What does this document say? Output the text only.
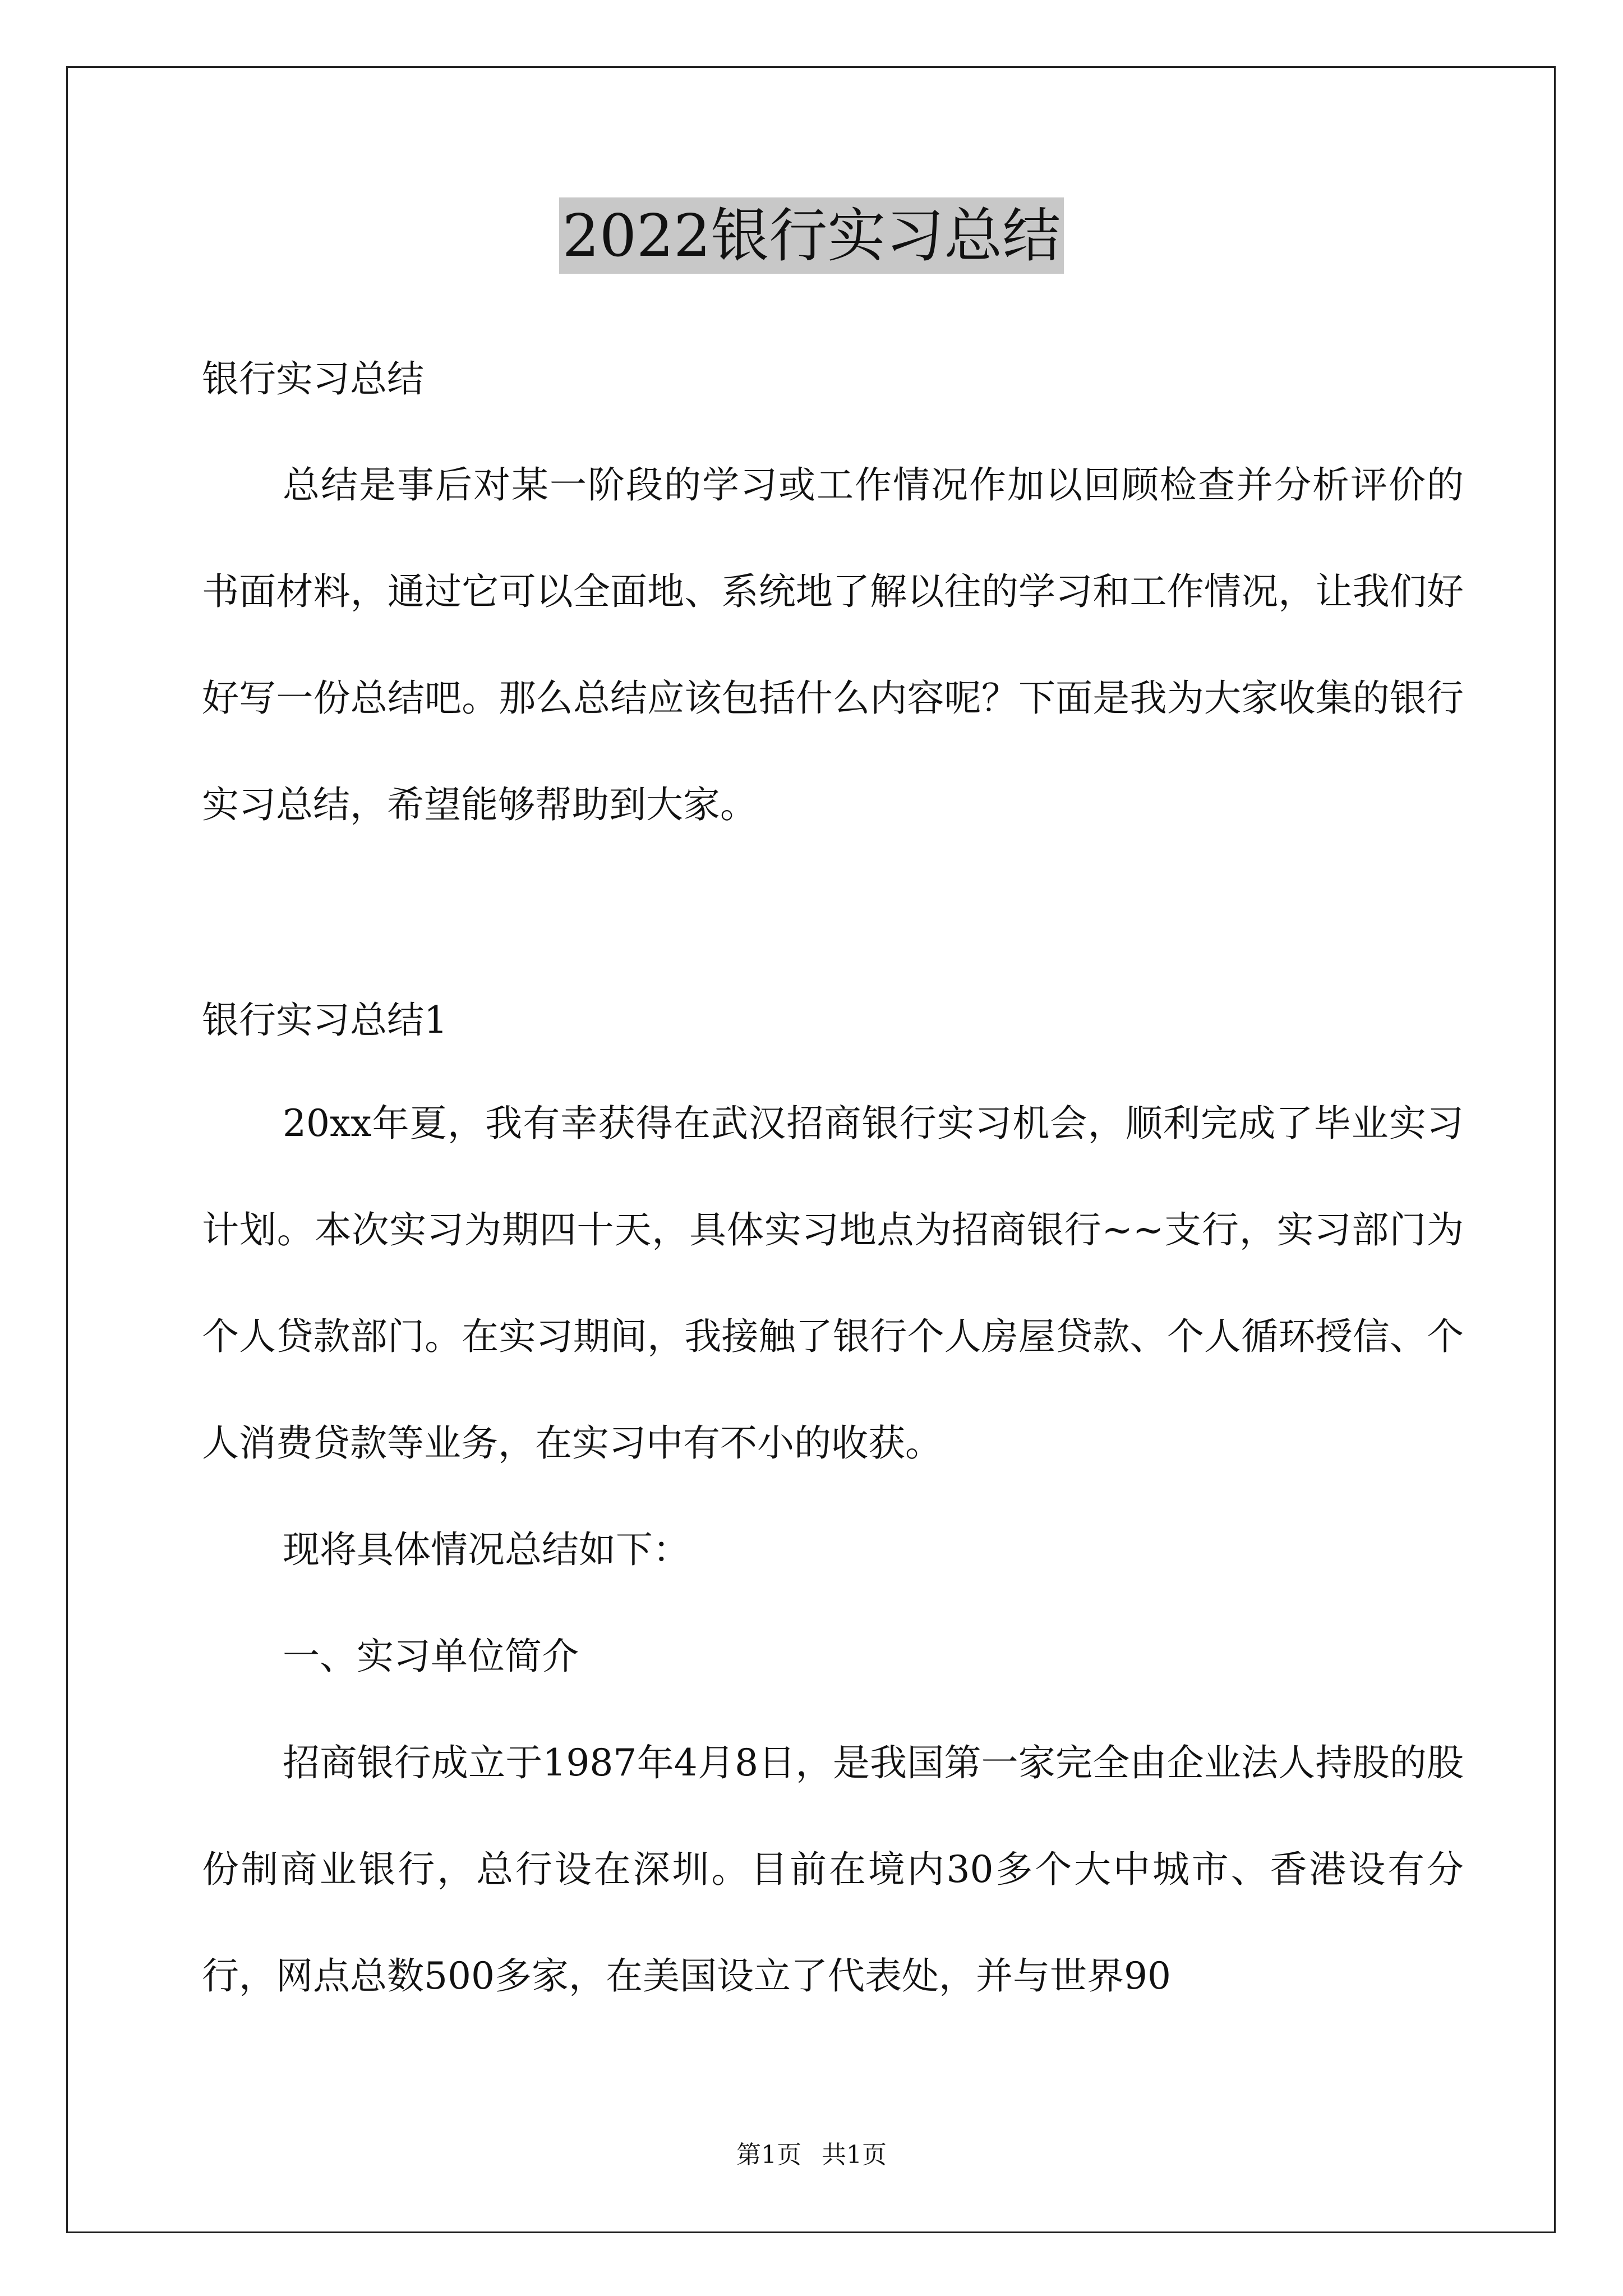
2022银行实习总结
银行实习总结
总结是事后对某一阶段的学习或工作情况作加以回顾检查并分析评价的书面材料，通过它可以全面地、系统地了解以往的学习和工作情况，让我们好好写一份总结吧。那么总结应该包括什么内容呢？下面是我为大家收集的银行实习总结，希望能够帮助到大家。
银行实习总结1
20xx年夏，我有幸获得在武汉招商银行实习机会，顺利完成了毕业实习计划。本次实习为期四十天，具体实习地点为招商银行~~支行，实习部门为个人贷款部门。在实习期间，我接触了银行个人房屋贷款、个人循环授信、个人消费贷款等业务，在实习中有不小的收获。
现将具体情况总结如下：
一、实习单位简介
招商银行成立于1987年4月8日，是我国第一家完全由企业法人持股的股份制商业银行，总行设在深圳。目前在境内30多个大中城市、香港设有分行，网点总数500多家，在美国设立了代表处，并与世界90
第1页 共1页
